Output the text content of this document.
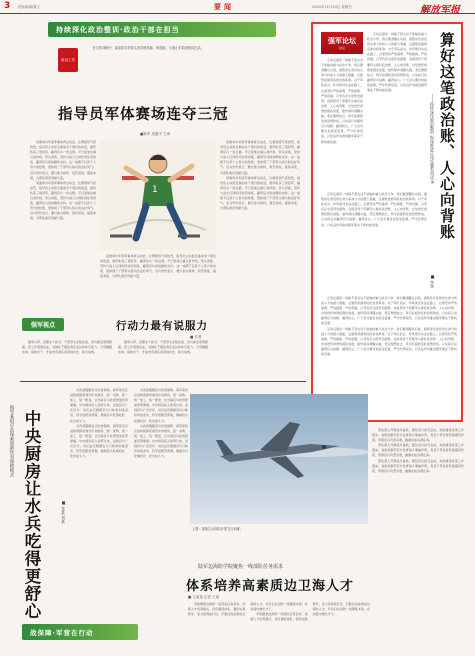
3 国家新闻/要文	要闻	2024年11月24日 星期日	解放军报
持续深化政治整训·政治干部在担当
政治工作

在日常训练中，某部指导员带头坚持练体能、练技能，与战士们同训练同比武。

指导员军体赛场连夺三冠
■陈军 吴继平 王涛

某旅举办年度军事体育运动会，比赛现场气氛热烈，指导员主动报名参加多个项目的角逐，最终斩获三项冠军，赢得官兵一致点赞。平日里他注重以身作则，带头训练，坚持与战士们同吃同住同训练，赢得官兵的信赖和支持。这一成绩不仅是个人努力的结果，更体现了干部带头练兵的良好风气。官兵纷纷表示，要以他为榜样，刻苦训练，提高本领，为部队建设贡献力量。

某旅举办年度军事体育运动会，比赛现场气氛热烈，指导员主动报名参加多个项目的角逐，最终斩获三项冠军，赢得官兵一致点赞。平日里他注重以身作则，带头训练，坚持与战士们同吃同住同训练，赢得官兵的信赖和支持。这一成绩不仅是个人努力的结果，更体现了干部带头练兵的良好风气。官兵纷纷表示，要以他为榜样，刻苦训练，提高本领，为部队建设贡献力量。

1

某旅举办年度军事体育运动会，比赛现场气氛热烈，指导员主动报名参加多个项目的角逐，最终斩获三项冠军，赢得官兵一致点赞。平日里他注重以身作则，带头训练，坚持与战士们同吃同住同训练，赢得官兵的信赖和支持。这一成绩不仅是个人努力的结果，更体现了干部带头练兵的良好风气。官兵纷纷表示，要以他为榜样，刻苦训练，提高本领，为部队建设贡献力量。

某旅举办年度军事体育运动会，比赛现场气氛热烈，指导员主动报名参加多个项目的角逐，最终斩获三项冠军，赢得官兵一致点赞。平日里他注重以身作则，带头训练，坚持与战士们同吃同住同训练，赢得官兵的信赖和支持。这一成绩不仅是个人努力的结果，更体现了干部带头练兵的良好风气。官兵纷纷表示，要以他为榜样，刻苦训练，提高本领，为部队建设贡献力量。

某旅举办年度军事体育运动会，比赛现场气氛热烈，指导员主动报名参加多个项目的角逐，最终斩获三项冠军，赢得官兵一致点赞。平日里他注重以身作则，带头训练，坚持与战士们同吃同住同训练，赢得官兵的信赖和支持。这一成绩不仅是个人努力的结果，更体现了干部带头练兵的良好风气。官兵纷纷表示，要以他为榜样，刻苦训练，提高本领，为部队建设贡献力量。

强军论坛
·论坛·

正风反腐是一场输不起也决不能输的重大政治斗争。我们要清醒认识到，腐败是危害党的生命力和战斗力的最大毒瘤，反腐败是最彻底的自我革命。对于军队而言，作风建设永远在路上，必须坚持严的基调、严的措施、严的氛围，以零容忍态度惩治腐败。各级领导干部要带头算好政治账、人心向背账，自觉把纪律规矩挺在前面，始终保持清醒头脑，坚定理想信念，筑牢拒腐防变的思想防线，以实际行动赢得官兵信赖、赢得民心。广大官兵要自觉接受监督，严守纪律底线，以优良作风推进强军事业不断向前发展。

正风反腐是一场输不起也决不能输的重大政治斗争。我们要清醒认识到，腐败是危害党的生命力和战斗力的最大毒瘤，反腐败是最彻底的自我革命。对于军队而言，作风建设永远在路上，必须坚持严的基调、严的措施、严的氛围，以零容忍态度惩治腐败。各级领导干部要带头算好政治账、人心向背账，自觉把纪律规矩挺在前面，始终保持清醒头脑，坚定理想信念，筑牢拒腐防变的思想防线，以实际行动赢得官兵信赖、赢得民心。广大官兵要自觉接受监督，严守纪律底线，以优良作风推进强军事业不断向前发展。	算好这笔政治账、人心向背账
——持续深化政治整训 纵深推进正风反腐系列谈⑥
■ 李华

正风反腐是一场输不起也决不能输的重大政治斗争。我们要清醒认识到，腐败是危害党的生命力和战斗力的最大毒瘤，反腐败是最彻底的自我革命。对于军队而言，作风建设永远在路上，必须坚持严的基调、严的措施、严的氛围，以零容忍态度惩治腐败。各级领导干部要带头算好政治账、人心向背账，自觉把纪律规矩挺在前面，始终保持清醒头脑，坚定理想信念，筑牢拒腐防变的思想防线，以实际行动赢得官兵信赖、赢得民心。广大官兵要自觉接受监督，严守纪律底线，以优良作风推进强军事业不断向前发展。

正风反腐是一场输不起也决不能输的重大政治斗争。我们要清醒认识到，腐败是危害党的生命力和战斗力的最大毒瘤，反腐败是最彻底的自我革命。对于军队而言，作风建设永远在路上，必须坚持严的基调、严的措施、严的氛围，以零容忍态度惩治腐败。各级领导干部要带头算好政治账、人心向背账，自觉把纪律规矩挺在前面，始终保持清醒头脑，坚定理想信念，筑牢拒腐防变的思想防线，以实际行动赢得官兵信赖、赢得民心。广大官兵要自觉接受监督，严守纪律底线，以优良作风推进强军事业不断向前发展。

正风反腐是一场输不起也决不能输的重大政治斗争。我们要清醒认识到，腐败是危害党的生命力和战斗力的最大毒瘤，反腐败是最彻底的自我革命。对于军队而言，作风建设永远在路上，必须坚持严的基调、严的措施、严的氛围，以零容忍态度惩治腐败。各级领导干部要带头算好政治账、人心向背账，自觉把纪律规矩挺在前面，始终保持清醒头脑，坚定理想信念，筑牢拒腐防变的思想防线，以实际行动赢得官兵信赖、赢得民心。广大官兵要自觉接受监督，严守纪律底线，以优良作风推进强军事业不断向前发展。

强军视点	行动力最有说服力
■ 作者

强军兴军，需要实干担当。干部带头冲锋在前，官兵就会紧紧跟随。把工作落到实处，关键在于强化责任意识和执行能力。只有脚踏实地、真抓实干，才能把各项任务落到实处、抓出成效。

强军兴军，需要实干担当。干部带头冲锋在前，官兵就会紧紧跟随。把工作落到实处，关键在于强化责任意识和执行能力。只有脚踏实地、真抓实干，才能把各项任务落到实处、抓出成效。

海军某供应站探索创新饮食保障模式 中央厨房让水兵吃得更舒心	■ 张某 刘某

为改善舰艇官兵饮食保障，海军某供应站积极探索建设中央厨房，统一采购、统一加工、统一配送，让出海官兵吃得更加营养健康。中央厨房投入使用以来，受到官兵广泛好评。供应站还根据官兵口味和训练需求，科学搭配营养餐，确保官兵吃饱吃好、吃出战斗力。

为改善舰艇官兵饮食保障，海军某供应站积极探索建设中央厨房，统一采购、统一加工、统一配送，让出海官兵吃得更加营养健康。中央厨房投入使用以来，受到官兵广泛好评。供应站还根据官兵口味和训练需求，科学搭配营养餐，确保官兵吃饱吃好、吃出战斗力。

为改善舰艇官兵饮食保障，海军某供应站积极探索建设中央厨房，统一采购、统一加工、统一配送，让出海官兵吃得更加营养健康。中央厨房投入使用以来，受到官兵广泛好评。供应站还根据官兵口味和训练需求，科学搭配营养餐，确保官兵吃饱吃好、吃出战斗力。

为改善舰艇官兵饮食保障，海军某供应站积极探索建设中央厨房，统一采购、统一加工、统一配送，让出海官兵吃得更加营养健康。中央厨房投入使用以来，受到官兵广泛好评。供应站还根据官兵口味和训练需求，科学搭配营养餐，确保官兵吃饱吃好、吃出战斗力。

上图：某航空兵部队开展飞行训练。
陆军边海防学院聚焦一线部队任务需求
体系培养高素质边卫海人才
■ 王某某 记者 王某

学院聚焦边海防一线部队任务需求，创新人才培养模式，优化课程体系，强化实践教学，着力培养能打仗、打胜仗的高素质边海防人才。学员们在边防一线锤炼本领，在实践中增长才干。

学院聚焦边海防一线部队任务需求，创新人才培养模式，优化课程体系，强化实践教学，着力培养能打仗、打胜仗的高素质边海防人才。学员们在边防一线锤炼本领，在实践中增长才干。

部队深入开展练兵备战，强化官兵担当意识，持续推进各项工作落实。各级党组织充分发挥战斗堡垒作用，党员干部发挥先锋模范作用，带领官兵攻坚克难，圆满完成各项任务。

部队深入开展练兵备战，强化官兵担当意识，持续推进各项工作落实。各级党组织充分发挥战斗堡垒作用，党员干部发挥先锋模范作用，带领官兵攻坚克难，圆满完成各项任务。

部队深入开展练兵备战，强化官兵担当意识，持续推进各项工作落实。各级党组织充分发挥战斗堡垒作用，党员干部发挥先锋模范作用，带领官兵攻坚克难，圆满完成各项任务。

战保障·军营在行动
